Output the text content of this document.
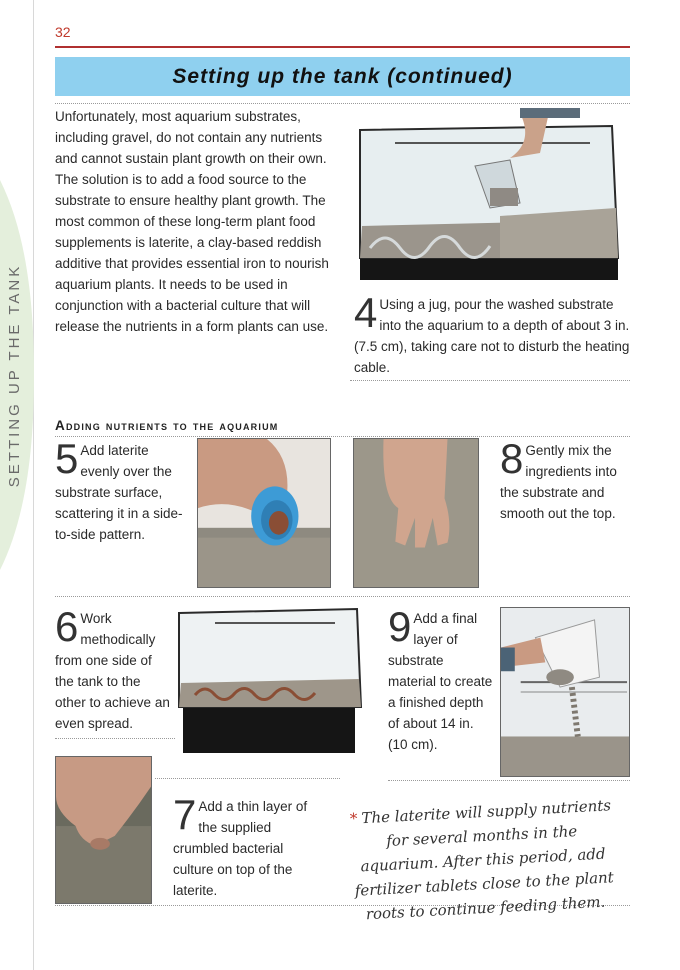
SETTING UP THE TANK
32
Setting up the tank (continued)
Unfortunately, most aquarium substrates, including gravel, do not contain any nutrients and cannot sustain plant growth on their own. The solution is to add a food source to the substrate to ensure healthy plant growth. The most common of these long-term plant food supplements is laterite, a clay-based reddish additive that provides essential iron to nourish aquarium plants. It needs to be used in conjunction with a bacterial culture that will release the nutrients in a form plants can use. 4 Using a jug, pour the washed substrate into the aquarium to a depth of about 3 in. (7.5 cm), taking care not to disturb the heating cable.
Adding nutrients to the aquarium
5 Add laterite evenly over the substrate surface, scattering it in a side-to-side pattern.
8 Gently mix the ingredients into the substrate and smooth out the top.
6 Work methodically from one side of the tank to the other to achieve an even spread.
9 Add a final layer of substrate material to create a finished depth of about 14 in. (10 cm).
7 Add a thin layer of the supplied crumbled bacterial culture on top of the laterite.
* The laterite will supply nutrients for several months in the aquarium. After this period, add fertilizer tablets close to the plant roots to continue feeding them.
